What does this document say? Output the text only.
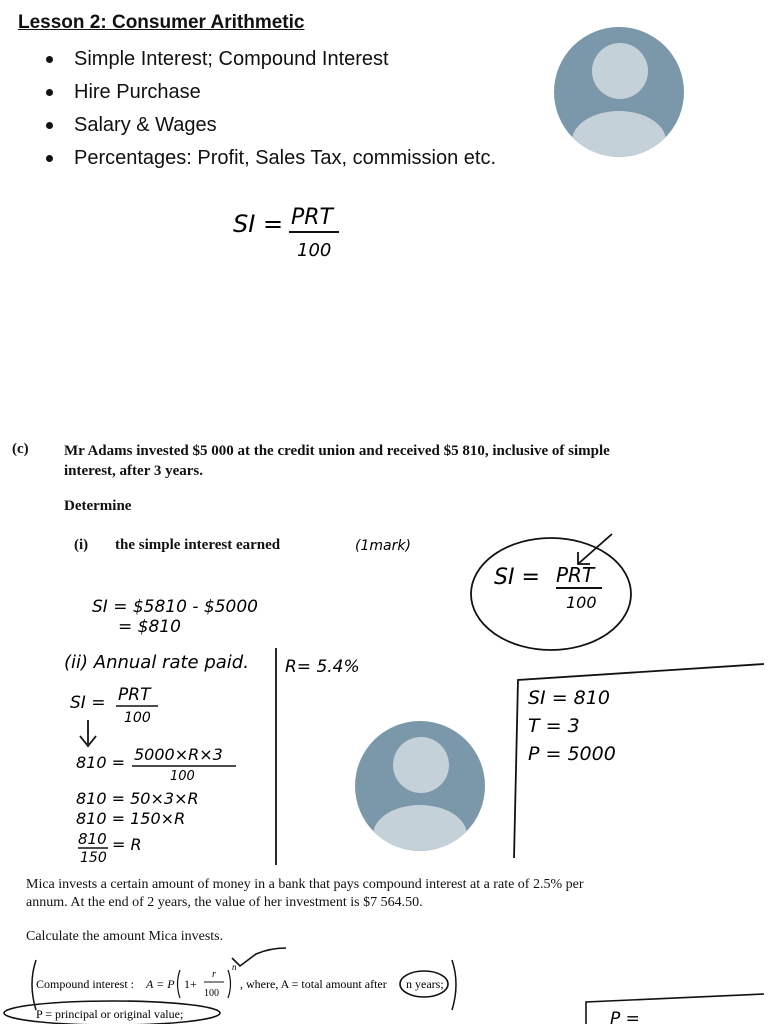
Lesson 2: Consumer Arithmetic
Simple Interest; Compound Interest
Hire Purchase
Salary & Wages
Percentages: Profit, Sales Tax, commission etc.
SI = PRT
100
(c) Mr Adams invested $5 000 at the credit union and received $5 810, inclusive of simple interest, after 3 years.
Determine
(i) the simple interest earned	(1mark)
SI = PRT
100
SI = $5810 - $5000
= $810
(ii) Annual rate paid. R= 5.4%
SI = PRT
100
810 = 5000×R×3
100
810 = 50×3×R
810 = 150×R
810
150
= R
SI = 810
T = 3
P = 5000
Mica invests a certain amount of money in a bank that pays compound interest at a rate of 2.5% per annum. At the end of 2 years, the value of her investment is $7 564.50.
Calculate the amount Mica invests.
Compound interest : A = P 1+
r
100
n
, where, A = total amount after n years;
P = principal or original value;	P =
